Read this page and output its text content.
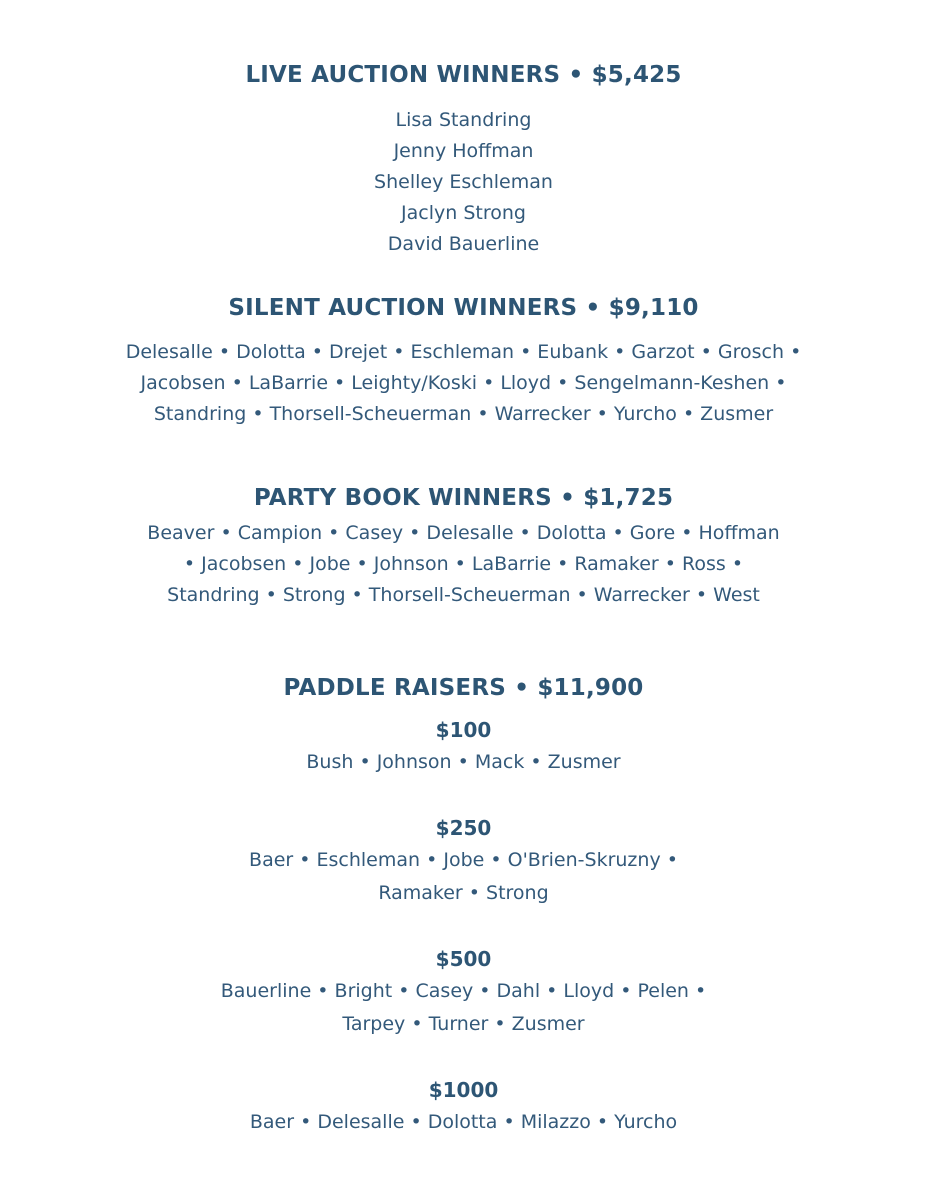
LIVE AUCTION WINNERS • $5,425
Lisa Standring
Jenny Hoffman
Shelley Eschleman
Jaclyn Strong
David Bauerline
SILENT AUCTION WINNERS • $9,110

Delesalle • Dolotta • Drejet • Eschleman • Eubank • Garzot • Grosch •
Jacobsen • LaBarrie • Leighty/Koski • Lloyd • Sengelmann-Keshen •
Standring • Thorsell-Scheuerman • Warrecker • Yurcho • Zusmer

PARTY BOOK WINNERS • $1,725

Beaver • Campion • Casey • Delesalle • Dolotta • Gore • Hoffman
• Jacobsen • Jobe • Johnson • LaBarrie • Ramaker • Ross •
Standring • Strong • Thorsell-Scheuerman • Warrecker • West

PADDLE RAISERS • $11,900

$100

Bush • Johnson • Mack • Zusmer

$250

Baer • Eschleman • Jobe • O'Brien-Skruzny •
Ramaker • Strong

$500

Bauerline • Bright • Casey • Dahl • Lloyd • Pelen •
Tarpey • Turner • Zusmer

$1000

Baer • Delesalle • Dolotta • Milazzo • Yurcho
